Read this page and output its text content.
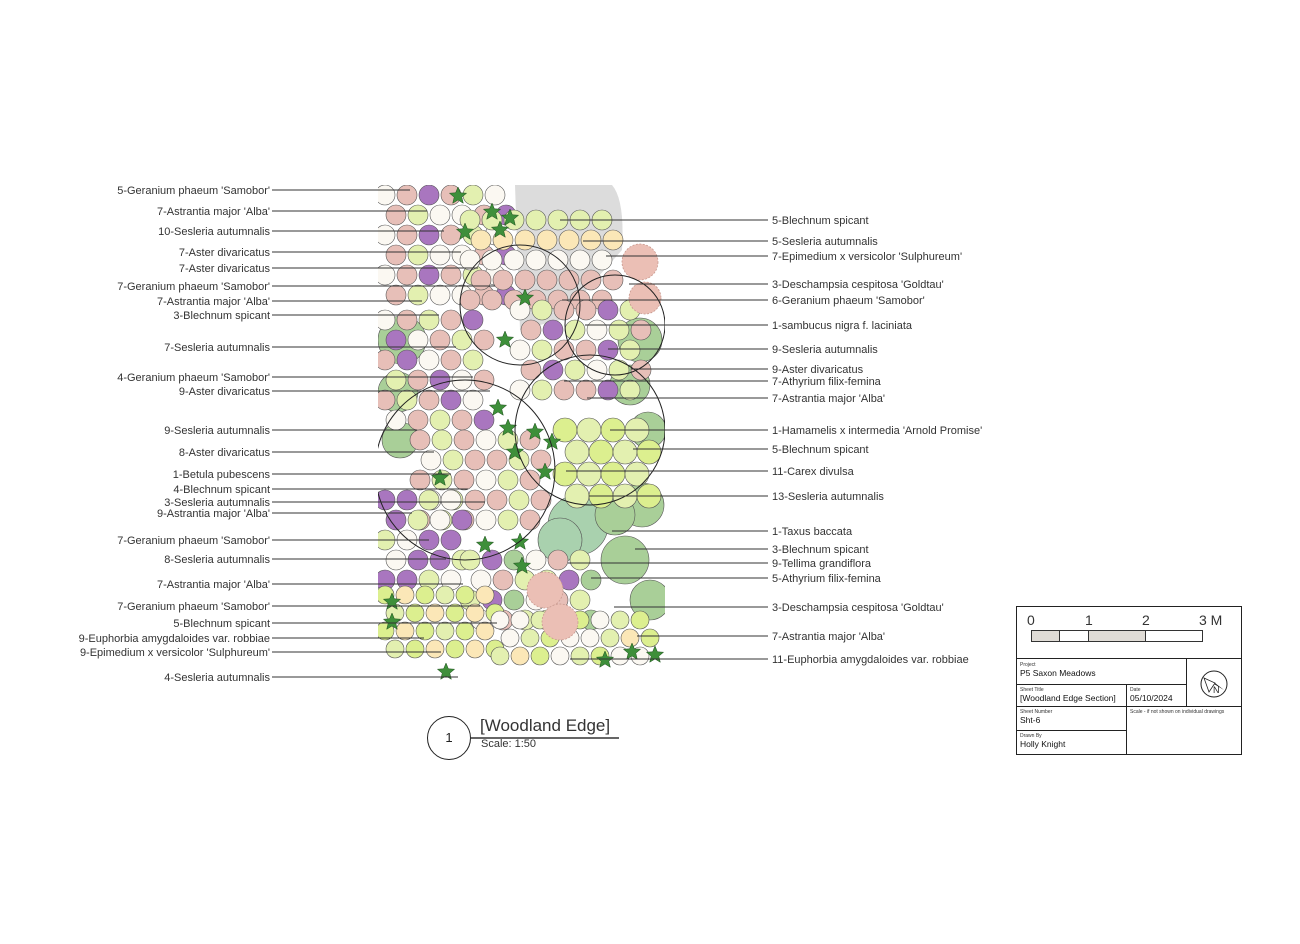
5-Geranium phaeum 'Samobor'
7-Astrantia major 'Alba'
10-Sesleria autumnalis
7-Aster divaricatus
7-Aster divaricatus
7-Geranium phaeum 'Samobor'
7-Astrantia major 'Alba'
3-Blechnum spicant
7-Sesleria autumnalis
4-Geranium phaeum 'Samobor'
9-Aster divaricatus
9-Sesleria autumnalis
8-Aster divaricatus
1-Betula pubescens
4-Blechnum spicant
3-Sesleria autumnalis
9-Astrantia major 'Alba'
7-Geranium phaeum 'Samobor'
8-Sesleria autumnalis
7-Astrantia major 'Alba'
7-Geranium phaeum 'Samobor'
5-Blechnum spicant
9-Euphorbia amygdaloides var. robbiae
9-Epimedium x versicolor 'Sulphureum'
4-Sesleria autumnalis
5-Blechnum spicant
5-Sesleria autumnalis
7-Epimedium x versicolor 'Sulphureum'
3-Deschampsia cespitosa 'Goldtau'
6-Geranium phaeum 'Samobor'
1-sambucus nigra f. laciniata
9-Sesleria autumnalis
9-Aster divaricatus
7-Athyrium filix-femina
7-Astrantia major 'Alba'
1-Hamamelis x intermedia 'Arnold Promise'
5-Blechnum spicant
11-Carex divulsa
13-Sesleria autumnalis
1-Taxus baccata
3-Blechnum spicant
9-Tellima grandiflora
5-Athyrium filix-femina
3-Deschampsia cespitosa 'Goldtau'
7-Astrantia major 'Alba'
11-Euphorbia amygdaloides var. robbiae
1
[Woodland Edge]
Scale: 1:50
0	1	2	3 M
Project
P5 Saxon Meadows
N
Sheet Title
[Woodland Edge Section]
Date
05/10/2024
Sheet Number
Sht-6
Scale - if not shown on individual drawings
Drawn By
Holly Knight
